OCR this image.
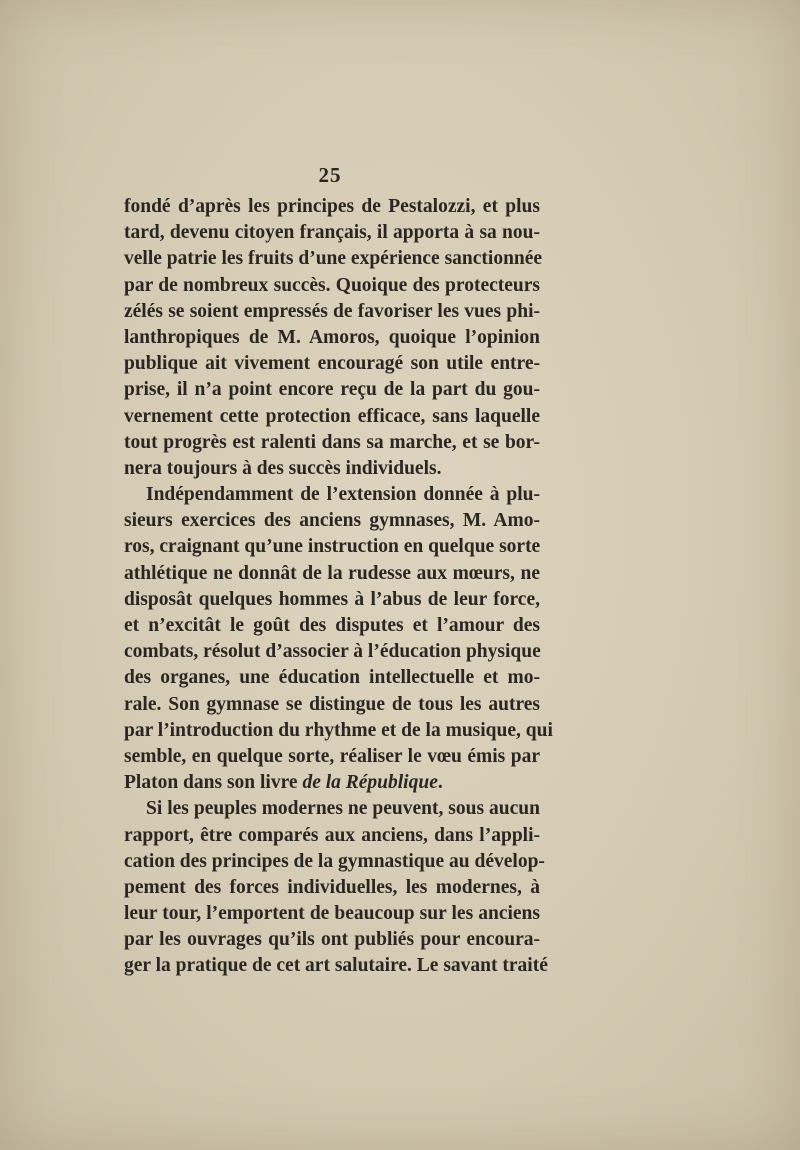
25
fondé d’après les principes de Pestalozzi, et plus
tard, devenu citoyen français, il apporta à sa nou-
velle patrie les fruits d’une expérience sanctionnée
par de nombreux succès. Quoique des protecteurs
zélés se soient empressés de favoriser les vues phi-
lanthropiques de M. Amoros, quoique l’opinion
publique ait vivement encouragé son utile entre-
prise, il n’a point encore reçu de la part du gou-
vernement cette protection efficace, sans laquelle
tout progrès est ralenti dans sa marche, et se bor-
nera toujours à des succès individuels.
Indépendamment de l’extension donnée à plu-
sieurs exercices des anciens gymnases, M. Amo-
ros, craignant qu’une instruction en quelque sorte
athlétique ne donnât de la rudesse aux mœurs, ne
disposât quelques hommes à l’abus de leur force,
et n’excitât le goût des disputes et l’amour des
combats, résolut d’associer à l’éducation physique
des organes, une éducation intellectuelle et mo-
rale. Son gymnase se distingue de tous les autres
par l’introduction du rhythme et de la musique, qui
semble, en quelque sorte, réaliser le vœu émis par
Platon dans son livre de la République.
Si les peuples modernes ne peuvent, sous aucun
rapport, être comparés aux anciens, dans l’appli-
cation des principes de la gymnastique au dévelop-
pement des forces individuelles, les modernes, à
leur tour, l’emportent de beaucoup sur les anciens
par les ouvrages qu’ils ont publiés pour encoura-
ger la pratique de cet art salutaire. Le savant traité
